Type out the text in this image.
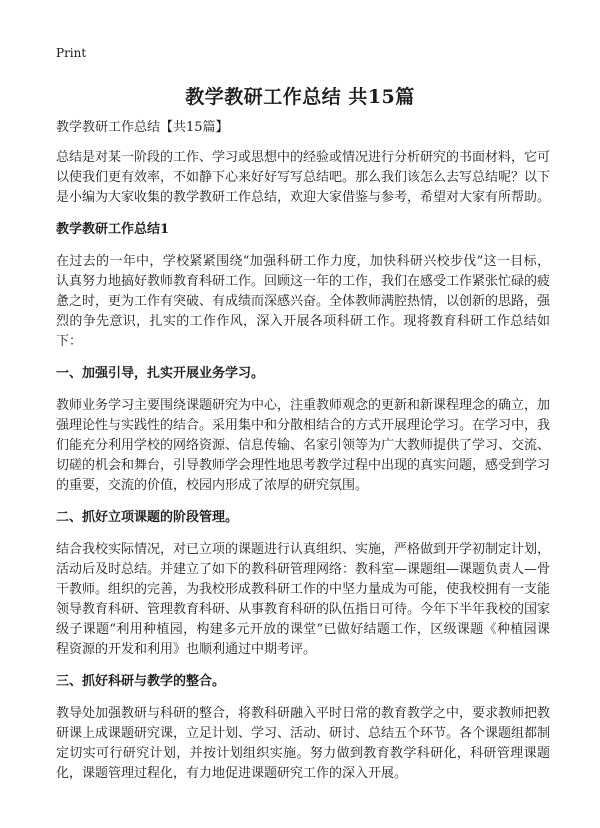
Print
教学教研工作总结 共15篇

教学教研工作总结【共15篇】

总结是对某一阶段的工作、学习或思想中的经验或情况进行分析研究的书面材料，它可以使我们更有效率，不如静下心来好好写写总结吧。那么我们该怎么去写总结呢？以下是小编为大家收集的教学教研工作总结，欢迎大家借鉴与参考，希望对大家有所帮助。

教学教研工作总结1

在过去的一年中，学校紧紧围绕“加强科研工作力度，加快科研兴校步伐”这一目标，认真努力地搞好教师教育科研工作。回顾这一年的工作，我们在感受工作紧张忙碌的疲惫之时，更为工作有突破、有成绩而深感兴奋。全体教师满腔热情，以创新的思路，强烈的争先意识，扎实的工作作风，深入开展各项科研工作。现将教育科研工作总结如下：

一、加强引导，扎实开展业务学习。

教师业务学习主要围绕课题研究为中心，注重教师观念的更新和新课程理念的确立，加强理论性与实践性的结合。采用集中和分散相结合的方式开展理论学习。在学习中，我们能充分利用学校的网络资源、信息传输、名家引领等为广大教师提供了学习、交流、切磋的机会和舞台，引导教师学会理性地思考教学过程中出现的真实问题，感受到学习的重要，交流的价值，校园内形成了浓厚的研究氛围。

二、抓好立项课题的阶段管理。

结合我校实际情况，对已立项的课题进行认真组织、实施，严格做到开学初制定计划，活动后及时总结。并建立了如下的教科研管理网络：教科室—课题组—课题负责人—骨干教师。组织的完善，为我校形成教科研工作的中坚力量成为可能，使我校拥有一支能领导教育科研、管理教育科研、从事教育科研的队伍指日可待。今年下半年我校的国家级子课题“利用种植园，构建多元开放的课堂”已做好结题工作，区级课题《种植园课程资源的开发和利用》也顺利通过中期考评。

三、抓好科研与教学的整合。

教导处加强教研与科研的整合，将教科研融入平时日常的教育教学之中，要求教师把教研课上成课题研究课，立足计划、学习、活动、研讨、总结五个环节。各个课题组都制定切实可行研究计划，并按计划组织实施。努力做到教育教学科研化，科研管理课题化，课题管理过程化，有力地促进课题研究工作的深入开展。
